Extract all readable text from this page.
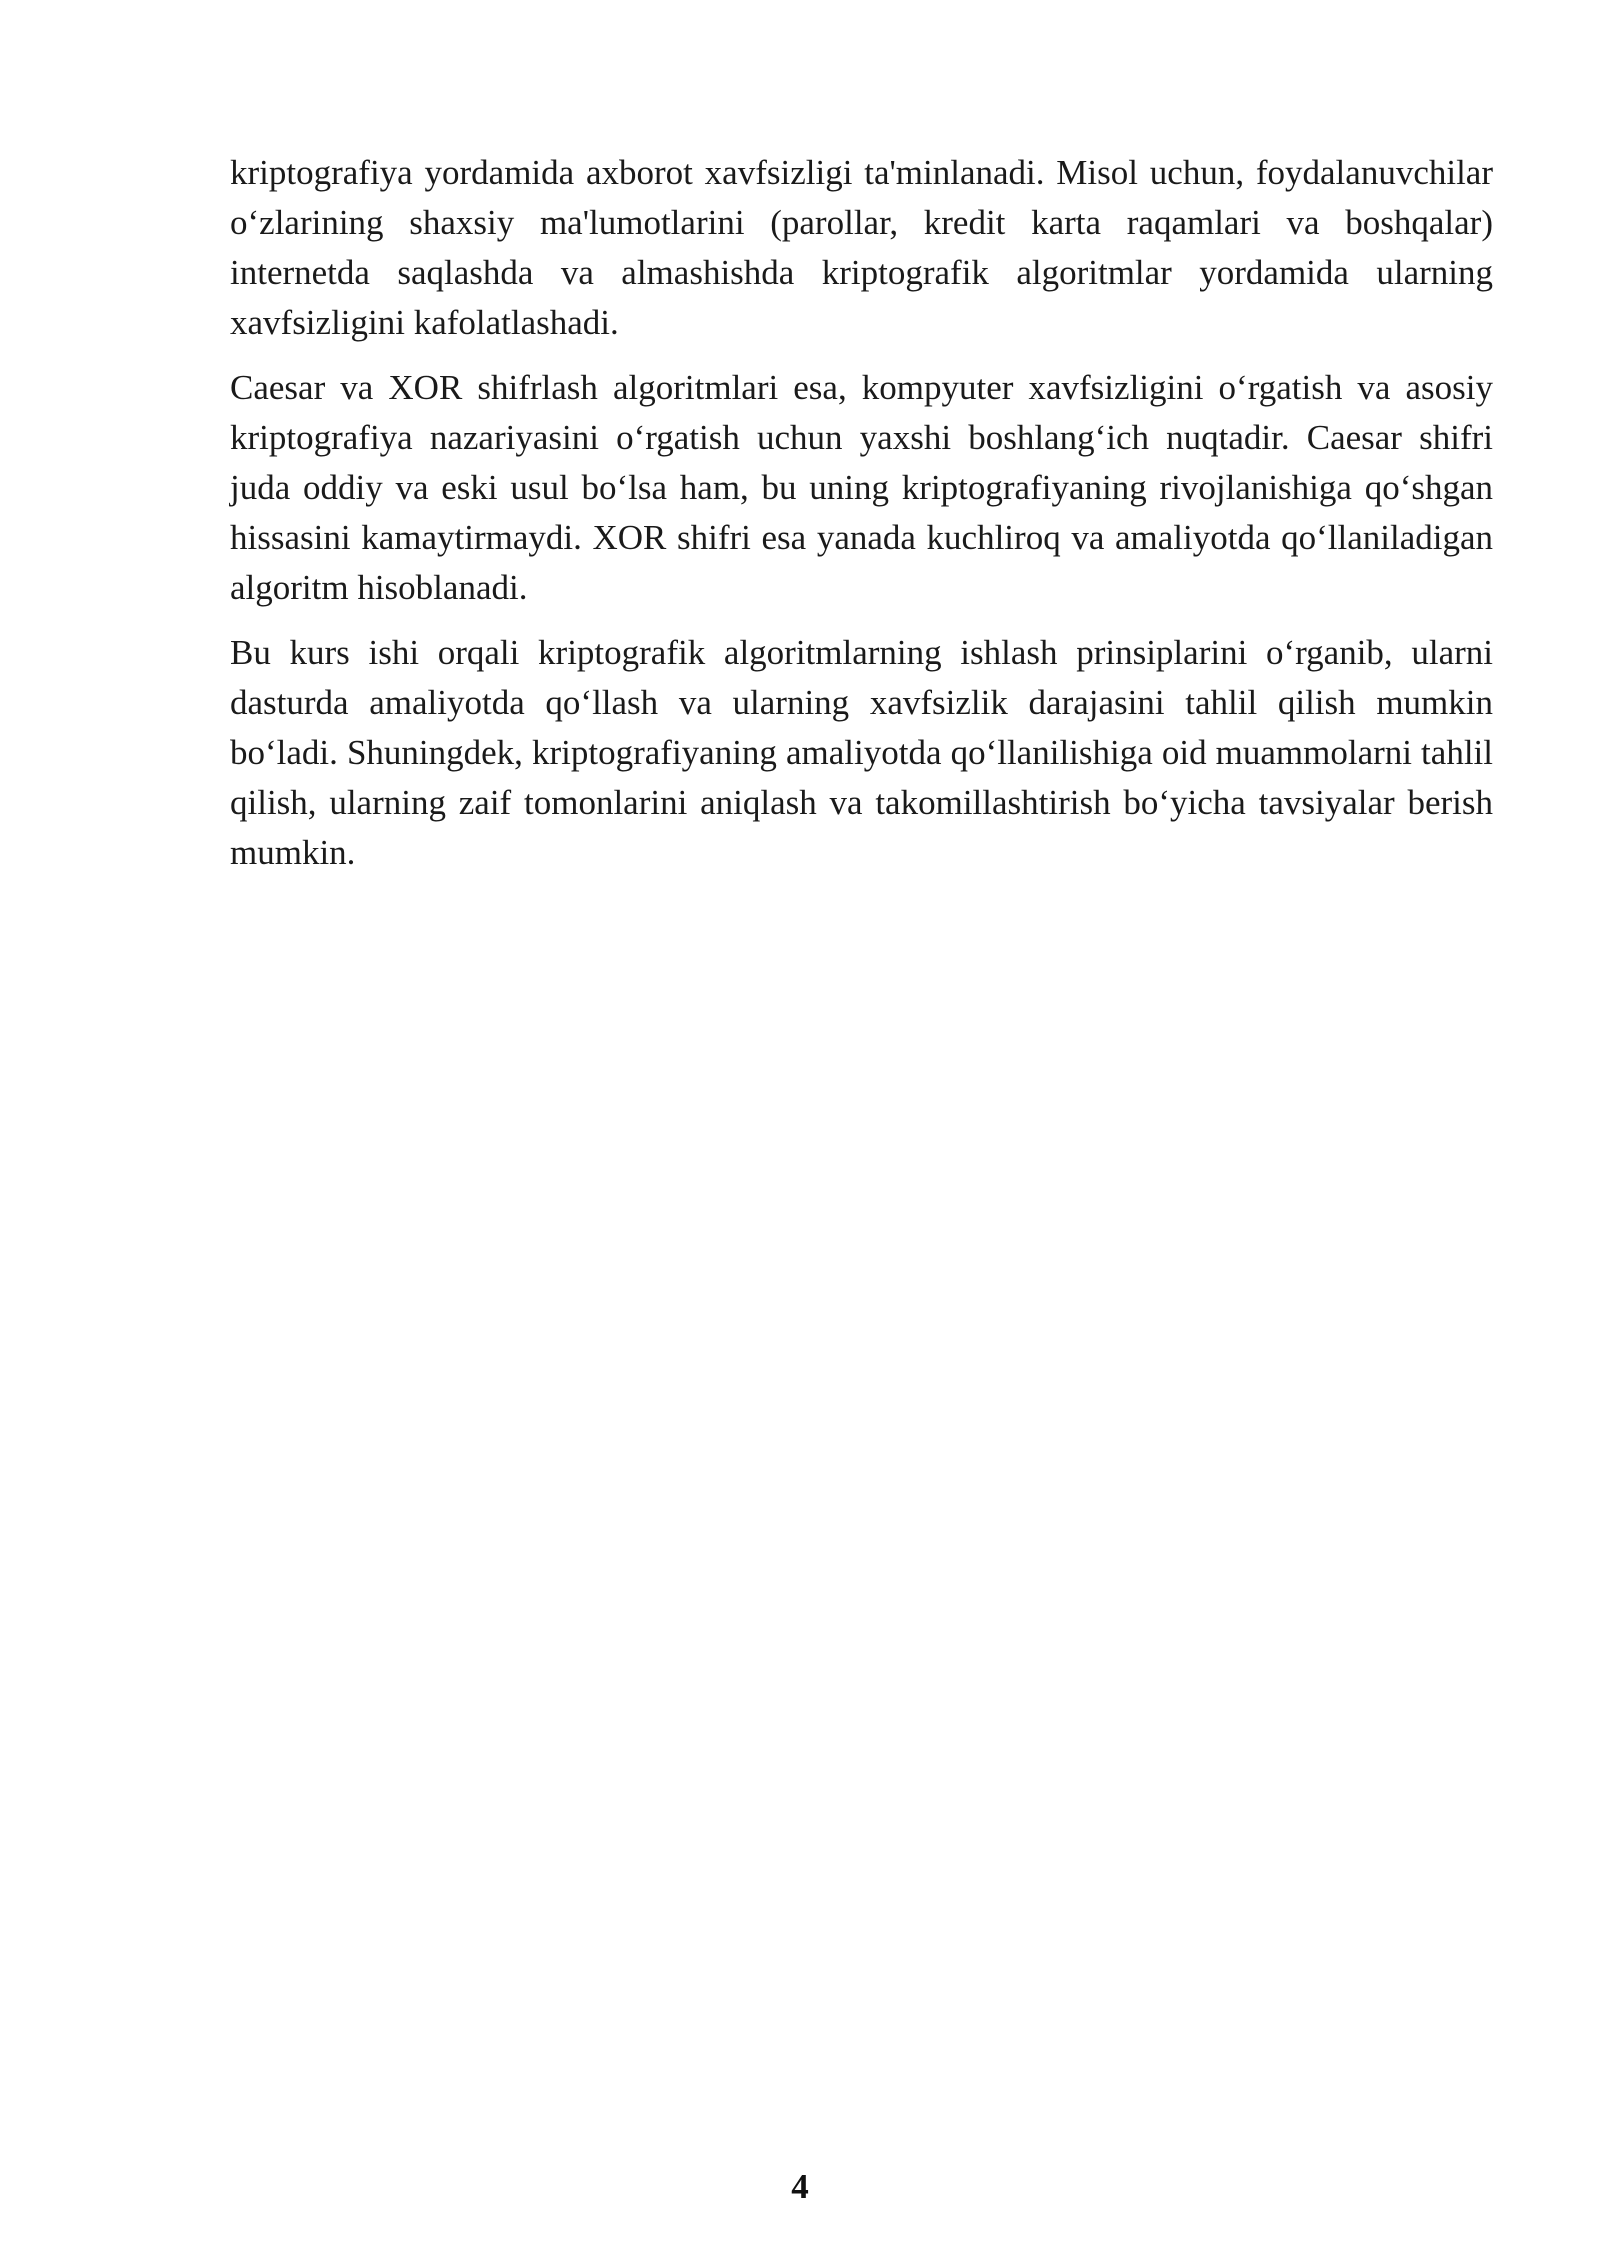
kriptografiya yordamida axborot xavfsizligi ta'minlanadi. Misol uchun, foydalanuvchilar o‘zlarining shaxsiy ma'lumotlarini (parollar, kredit karta raqamlari va boshqalar) internetda saqlashda va almashishda kriptografik algoritmlar yordamida ularning xavfsizligini kafolatlashadi.

Caesar va XOR shifrlash algoritmlari esa, kompyuter xavfsizligini o‘rgatish va asosiy kriptografiya nazariyasini o‘rgatish uchun yaxshi boshlang‘ich nuqtadir. Caesar shifri juda oddiy va eski usul bo‘lsa ham, bu uning kriptografiyaning rivojlanishiga qo‘shgan hissasini kamaytirmaydi. XOR shifri esa yanada kuchliroq va amaliyotda qo‘llaniladigan algoritm hisoblanadi.

Bu kurs ishi orqali kriptografik algoritmlarning ishlash prinsiplarini o‘rganib, ularni dasturda amaliyotda qo‘llash va ularning xavfsizlik darajasini tahlil qilish mumkin bo‘ladi. Shuningdek, kriptografiyaning amaliyotda qo‘llanilishiga oid muammolarni tahlil qilish, ularning zaif tomonlarini aniqlash va takomillashtirish bo‘yicha tavsiyalar berish mumkin.

4
